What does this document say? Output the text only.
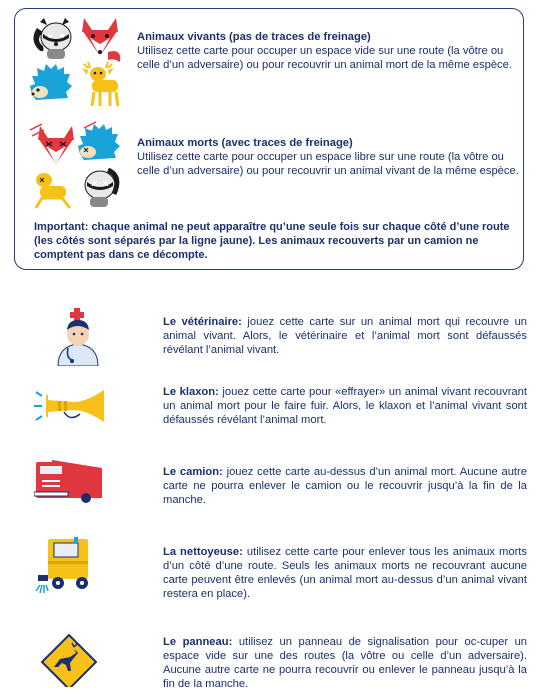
Animaux vivants (pas de traces de freinage)
Utilisez cette carte pour occuper un espace vide sur une route (la vôtre ou celle d’un adversaire) ou pour recouvrir un animal mort de la même espèce.
Animaux morts (avec traces de freinage)
Utilisez cette carte pour occuper un espace libre sur une route (la vôtre ou celle d’un adversaire) ou pour recouvrir un animal vivant de la même espèce.
Important: chaque animal ne peut apparaître qu’une seule fois sur chaque côté d’une route (les côtés sont séparés par la ligne jaune). Les animaux recouverts par un camion ne comptent pas dans ce décompte.
Le vétérinaire: jouez cette carte sur un animal mort qui recouvre un animal vivant. Alors, le vétérinaire et l’animal mort sont défaussés révélant l’animal vivant.
Le klaxon: jouez cette carte pour «effrayer» un animal vivant recouvrant un animal mort pour le faire fuir. Alors, le klaxon et l’animal vivant sont défaussés révélant l’animal mort.
Le camion: jouez cette carte au-dessus d’un animal mort. Aucune autre carte ne pourra enlever le camion ou le recouvrir jusqu’à la fin de la manche.
La nettoyeuse: utilisez cette carte pour enlever tous les animaux morts d’un côté d’une route. Seuls les animaux morts ne recouvrant aucune carte peuvent être enlevés (un animal mort au-dessus d’un animal vivant restera en place).
Le panneau: utilisez un panneau de signalisation pour oc-cuper un espace vide sur une des routes (la vôtre ou celle d’un adversaire). Aucune autre carte ne pourra recouvrir ou enlever le panneau jusqu’à la fin de la manche.
